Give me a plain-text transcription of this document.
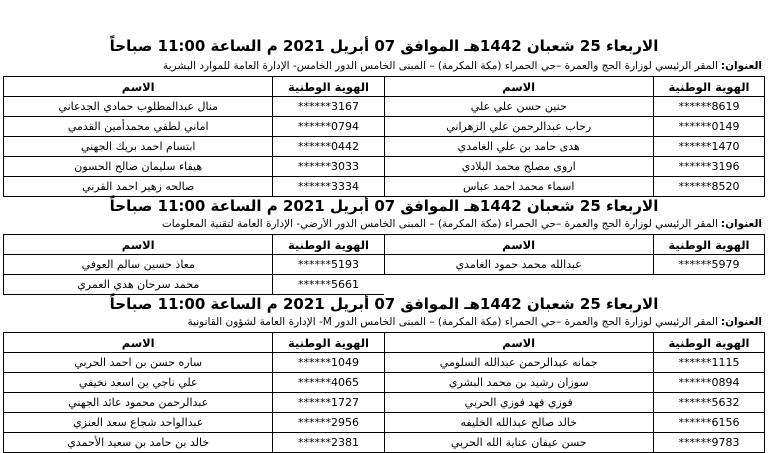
الاربعاء 25 شعبان 1442هـ الموافق 07 أبريل 2021 م الساعة 11:00 صباحاً
العنوان:المقر الرئيسي لوزارة الحج والعمرة –حي الحمراء (مكة المكرمة) – المبنى الخامس الدور الخامس- الإدارة العامة للموارد البشرية
الهوية الوطنية	الاسم	الهوية الوطنية	الاسم
******8619	حنين حسن علي علي	******3167	منال عبدالمطلوب حمادي الجدعاني
******0149	رحاب عبدالرحمن علي الزهراني	******0794	اماني لطفي محمدأمين القدمي
******1470	هدى حامد بن علي الغامدي	******0442	ابتسام احمد بريك الجهني
******3196	اروى مصلح محمد البلادي	******3033	هيفاء سليمان صالح الحسون
******8520	اسماء محمد احمد عباس	******3334	صالحه زهير احمد القرني
الاربعاء 25 شعبان 1442هـ الموافق 07 أبريل 2021 م الساعة 11:00 صباحاً
العنوان:المقر الرئيسي لوزارة الحج والعمرة –حي الحمراء (مكة المكرمة) – المبنى الخامس الدور الأرضي- الإدارة العامة لتقنية المعلومات
الهوية الوطنية	الاسم	الهوية الوطنية	الاسم
******5979	عبدالله محمد حمود الغامدي	******5193	معاذ حسين سالم العوفي
		******5661	محمد سرحان هدي العمري
الاربعاء 25 شعبان 1442هـ الموافق 07 أبريل 2021 م الساعة 11:00 صباحاً
العنوان:المقر الرئيسي لوزارة الحج والعمرة –حي الحمراء (مكة المكرمة) – المبنى الخامس الدور M- الإدارة العامة لشؤون القانونية
الهوية الوطنية	الاسم	الهوية الوطنية	الاسم
******1115	جمانه عبدالرحمن عبدالله السلومي	******1049	ساره حسن بن احمد الحربي
******0894	سوزان رشيد بن محمد البشري	******4065	علي ناجي بن اسعد نخيفي
******5632	فوزي فهد فوزي الحربي	******1727	عبدالرحمن محمود عائد الجهني
******6156	خالد صالح عبدالله الخليفه	******2956	عبدالواحد شجاع سعد العنزي
******9783	حسن عيفان عناية الله الحربي	******2381	خالد بن حامد بن سعيد الأحمدي
